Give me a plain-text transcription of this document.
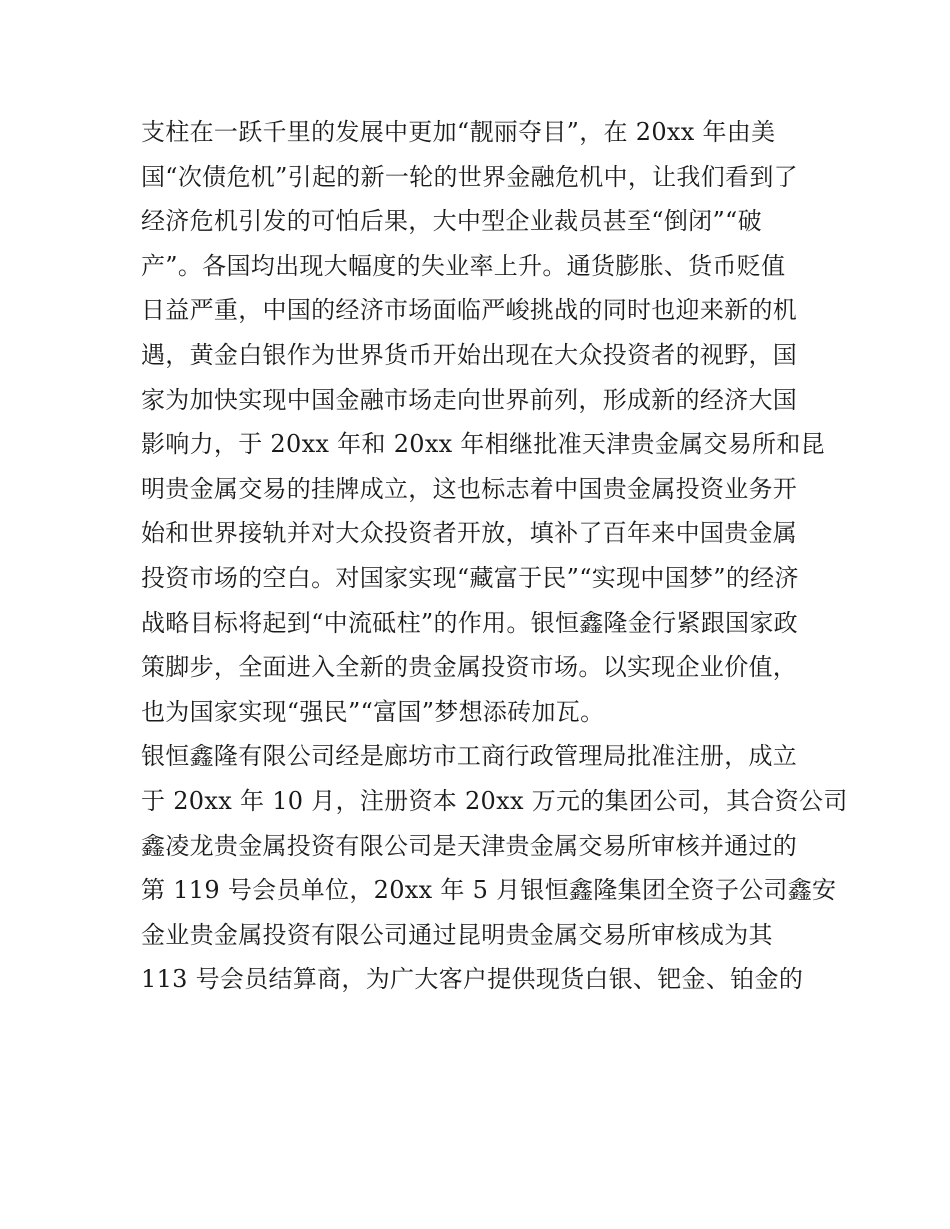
支柱在一跃千里的发展中更加“靓丽夺目”，在 20xx 年由美
国“次债危机”引起的新一轮的世界金融危机中，让我们看到了
经济危机引发的可怕后果，大中型企业裁员甚至“倒闭”“破
产”。各国均出现大幅度的失业率上升。通货膨胀、货币贬值
日益严重，中国的经济市场面临严峻挑战的同时也迎来新的机
遇，黄金白银作为世界货币开始出现在大众投资者的视野，国
家为加快实现中国金融市场走向世界前列，形成新的经济大国
影响力，于 20xx 年和 20xx 年相继批准天津贵金属交易所和昆
明贵金属交易的挂牌成立，这也标志着中国贵金属投资业务开
始和世界接轨并对大众投资者开放，填补了百年来中国贵金属
投资市场的空白。对国家实现“藏富于民”“实现中国梦”的经济
战略目标将起到“中流砥柱”的作用。银恒鑫隆金行紧跟国家政
策脚步，全面进入全新的贵金属投资市场。以实现企业价值，
也为国家实现“强民”“富国”梦想添砖加瓦。
银恒鑫隆有限公司经是廊坊市工商行政管理局批准注册，成立
于 20xx 年 10 月，注册资本 20xx 万元的集团公司，其合资公司
鑫凌龙贵金属投资有限公司是天津贵金属交易所审核并通过的
第 119 号会员单位，20xx 年 5 月银恒鑫隆集团全资子公司鑫安
金业贵金属投资有限公司通过昆明贵金属交易所审核成为其
113 号会员结算商，为广大客户提供现货白银、钯金、铂金的
